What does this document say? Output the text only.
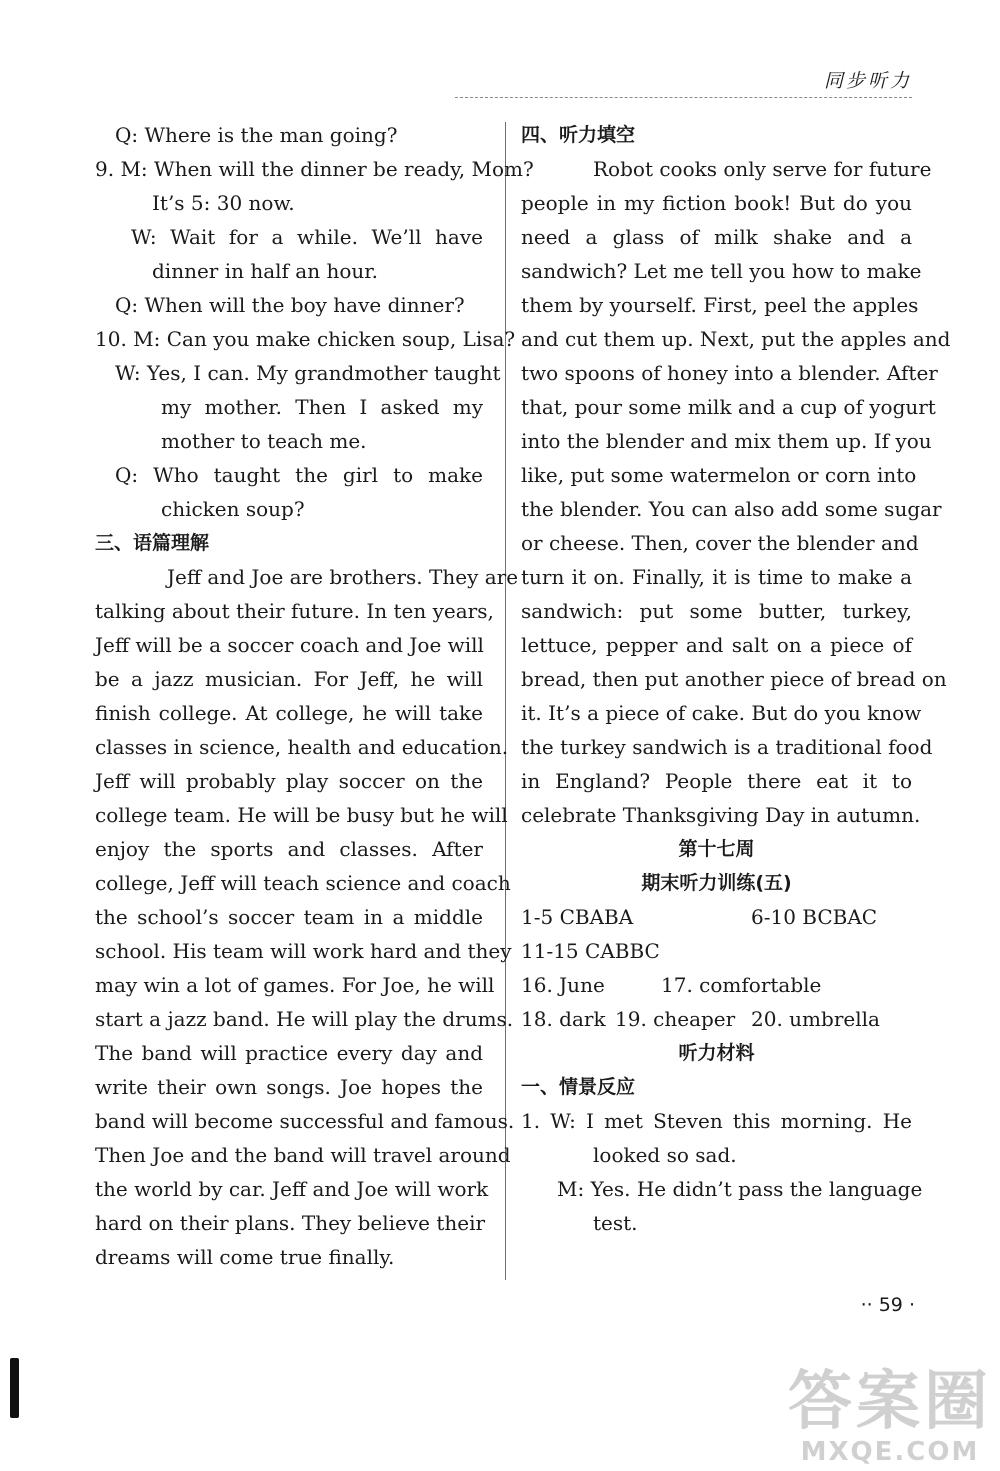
同步听力
Q: Where is the man going?
9. M: When will the dinner be ready, Mom?
It’s 5: 30 now.
W: Wait for a while. We’ll have
dinner in half an hour.
Q: When will the boy have dinner?
10. M: Can you make chicken soup, Lisa?
W: Yes, I can. My grandmother taught
my mother. Then I asked my
mother to teach me.
Q: Who taught the girl to make
chicken soup?
三、语篇理解
Jeff and Joe are brothers. They are
talking about their future. In ten years,
Jeff will be a soccer coach and Joe will
be a jazz musician. For Jeff, he will
finish college. At college, he will take
classes in science, health and education.
Jeff will probably play soccer on the
college team. He will be busy but he will
enjoy the sports and classes. After
college, Jeff will teach science and coach
the school’s soccer team in a middle
school. His team will work hard and they
may win a lot of games. For Joe, he will
start a jazz band. He will play the drums.
The band will practice every day and
write their own songs. Joe hopes the
band will become successful and famous.
Then Joe and the band will travel around
the world by car. Jeff and Joe will work
hard on their plans. They believe their
dreams will come true finally.
四、听力填空
Robot cooks only serve for future
people in my fiction book! But do you
need a glass of milk shake and a
sandwich? Let me tell you how to make
them by yourself. First, peel the apples
and cut them up. Next, put the apples and
two spoons of honey into a blender. After
that, pour some milk and a cup of yogurt
into the blender and mix them up. If you
like, put some watermelon or corn into
the blender. You can also add some sugar
or cheese. Then, cover the blender and
turn it on. Finally, it is time to make a
sandwich: put some butter, turkey,
lettuce, pepper and salt on a piece of
bread, then put another piece of bread on
it. It’s a piece of cake. But do you know
the turkey sandwich is a traditional food
in England? People there eat it to
celebrate Thanksgiving Day in autumn.
第十七周
期末听力训练(五)
1-5 CBABA	6-10 BCBAC
11-15 CABBC
16. June	17. comfortable
18. dark 19. cheaper 20. umbrella
听力材料
一、情景反应
1. W: I met Steven this morning. He
looked so sad.
M: Yes. He didn’t pass the language
test.
·· 59 ·
答案圈
MXQE.COM
